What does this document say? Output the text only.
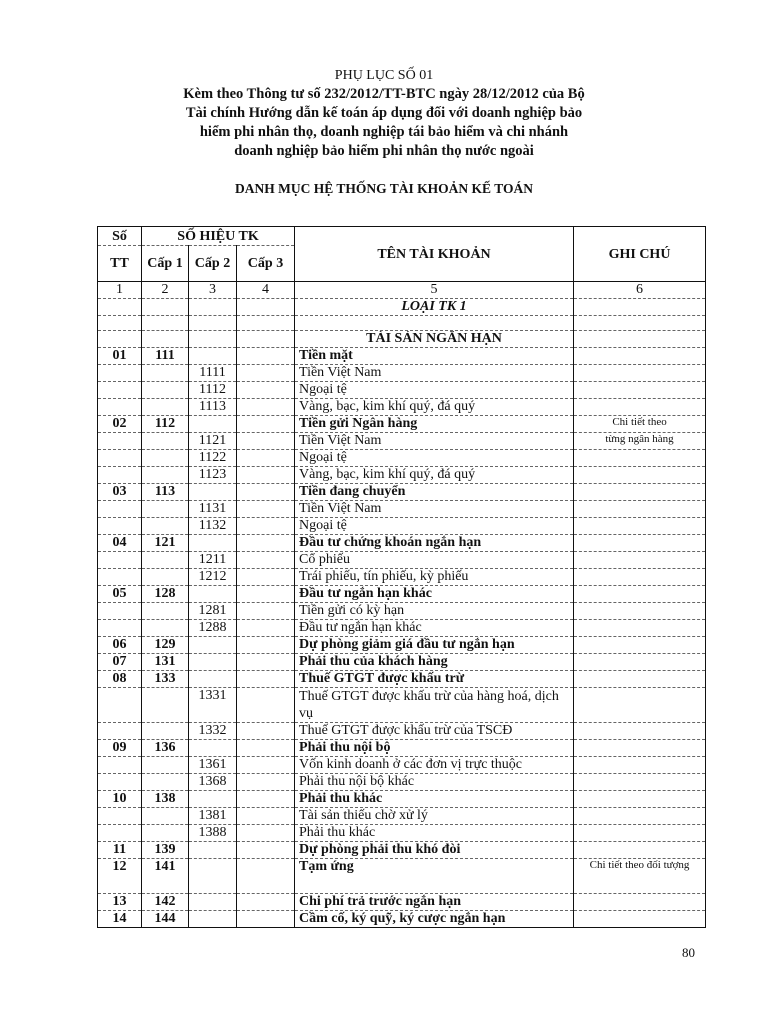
PHỤ LỤC SỐ 01
Kèm theo Thông tư số 232/2012/TT-BTC ngày 28/12/2012 của Bộ
Tài chính Hướng dẫn kế toán áp dụng đối với doanh nghiệp bảo
hiểm phi nhân thọ, doanh nghiệp tái bảo hiểm và chi nhánh
doanh nghiệp bảo hiểm phi nhân thọ nước ngoài
DANH MỤC HỆ THỐNG TÀI KHOẢN KẾ TOÁN
Số	SỐ HIỆU TK			TÊN TÀI KHOẢN	GHI CHÚ
TT	Cấp 1	Cấp 2	Cấp 3		
1	2	3	4	5	6
				LOẠI TK 1	

				TÀI SẢN NGẮN HẠN	
01	111			Tiền mặt	
		1111		Tiền Việt Nam	
		1112		Ngoại tệ	
		1113		Vàng, bạc, kim khí quý, đá quý	
02	112			Tiền gửi Ngân hàng	Chi tiết theo
		1121		Tiền Việt Nam	từng ngân hàng
		1122		Ngoại tệ	
		1123		Vàng, bạc, kim khí quý, đá quý	
03	113			Tiền đang chuyển	
		1131		Tiền Việt Nam	
		1132		Ngoại tệ	
04	121			Đầu tư chứng khoán ngắn hạn	
		1211		Cổ phiếu	
		1212		Trái phiếu, tín phiếu, kỳ phiếu	
05	128			Đầu tư ngắn hạn khác	
		1281		Tiền gửi có kỳ hạn	
		1288		Đầu tư ngắn hạn khác	
06	129			Dự phòng giảm giá đầu tư ngắn hạn	
07	131			Phải thu của khách hàng	
08	133			Thuế GTGT được khấu trừ	
		1331		Thuế GTGT được khấu trừ của hàng hoá, dịch vụ	
		1332		Thuế GTGT được khấu trừ của TSCĐ	
09	136			Phải thu nội bộ	
		1361		Vốn kinh doanh ở các đơn vị trực thuộc	
		1368		Phải thu nội bộ khác	
10	138			Phải thu khác	
		1381		Tài sản thiếu chờ xử lý	
		1388		Phải thu khác	
11	139			Dự phòng phải thu khó đòi	
12	141			Tạm ứng	Chi tiết theo đối tượng
13	142			Chi phí trả trước ngắn hạn	
14	144			Cầm cố, ký quỹ, ký cược ngắn hạn	
80
